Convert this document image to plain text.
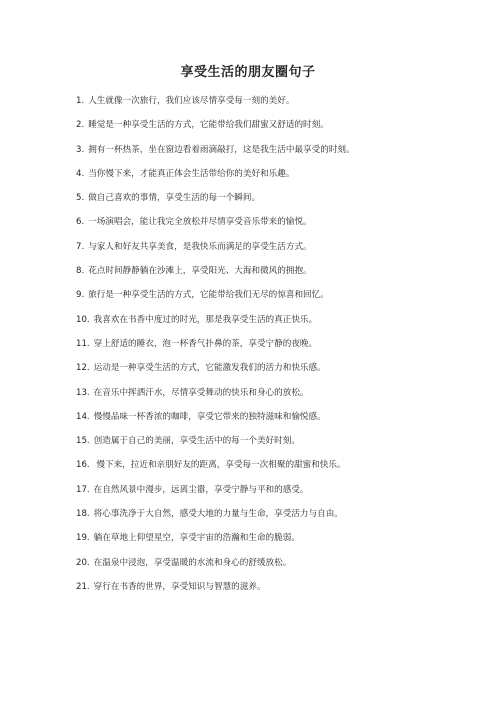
享受生活的朋友圈句子
1. 人生就像一次旅行，我们应该尽情享受每一刻的美好。
2. 睡觉是一种享受生活的方式，它能带给我们甜蜜又舒适的时刻。
3. 拥有一杯热茶，坐在窗边看着雨滴敲打，这是我生活中最享受的时刻。
4. 当你慢下来，才能真正体会生活带给你的美好和乐趣。
5. 做自己喜欢的事情，享受生活的每一个瞬间。
6. 一场演唱会，能让我完全放松并尽情享受音乐带来的愉悦。
7. 与家人和好友共享美食，是我快乐而满足的享受生活方式。
8. 花点时间静静躺在沙滩上，享受阳光、大海和微风的拥抱。
9. 旅行是一种享受生活的方式，它能带给我们无尽的惊喜和回忆。
10. 我喜欢在书香中度过的时光，那是我享受生活的真正快乐。
11. 穿上舒适的睡衣，泡一杯香气扑鼻的茶，享受宁静的夜晚。
12. 运动是一种享受生活的方式，它能激发我们的活力和快乐感。
13. 在音乐中挥洒汗水，尽情享受舞动的快乐和身心的放松。
14. 慢慢品味一杯香浓的咖啡，享受它带来的独特滋味和愉悦感。
15. 创造属于自己的美丽，享受生活中的每一个美好时刻。
16. 慢下来，拉近和亲朋好友的距离，享受每一次相聚的甜蜜和快乐。
17. 在自然风景中漫步，远离尘嚣，享受宁静与平和的感受。
18. 将心事洗净于大自然，感受大地的力量与生命，享受活力与自由。
19. 躺在草地上仰望星空，享受宇宙的浩瀚和生命的脆弱。
20. 在温泉中浸泡，享受温暖的水流和身心的舒缓放松。
21. 穿行在书香的世界，享受知识与智慧的滋养。
